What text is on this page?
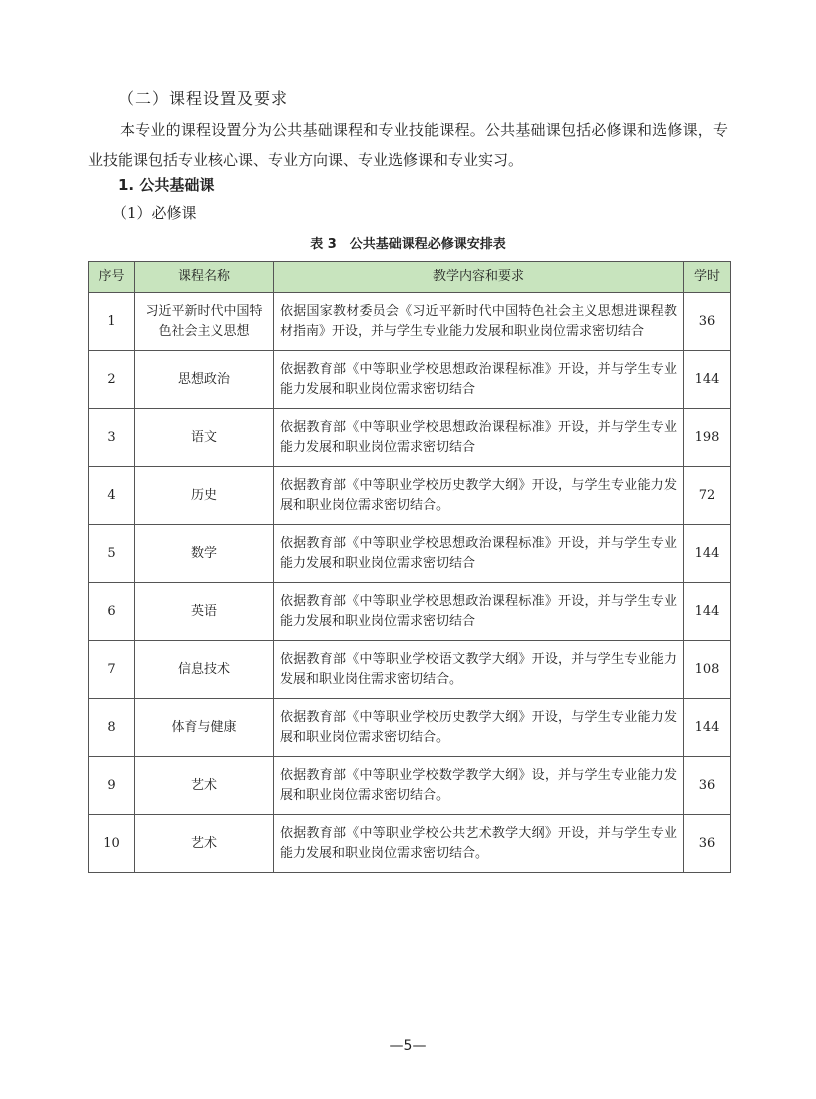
（二）课程设置及要求
本专业的课程设置分为公共基础课程和专业技能课程。公共基础课包括必修课和选修课，专业技能课包括专业核心课、专业方向课、专业选修课和专业实习。
1. 公共基础课
（1）必修课
表 3　公共基础课程必修课安排表
序号	课程名称	教学内容和要求	学时
1	习近平新时代中国特色社会主义思想	依据国家教材委员会《习近平新时代中国特色社会主义思想进课程教材指南》开设，并与学生专业能力发展和职业岗位需求密切结合	36
2	思想政治	依据教育部《中等职业学校思想政治课程标准》开设，并与学生专业能力发展和职业岗位需求密切结合	144
3	语文	依据教育部《中等职业学校思想政治课程标准》开设，并与学生专业能力发展和职业岗位需求密切结合	198
4	历史	依据教育部《中等职业学校历史教学大纲》开设，与学生专业能力发展和职业岗位需求密切结合。	72
5	数学	依据教育部《中等职业学校思想政治课程标准》开设，并与学生专业能力发展和职业岗位需求密切结合	144
6	英语	依据教育部《中等职业学校思想政治课程标准》开设，并与学生专业能力发展和职业岗位需求密切结合	144
7	信息技术	依据教育部《中等职业学校语文教学大纲》开设，并与学生专业能力发展和职业岗住需求密切结合。	108
8	体育与健康	依据教育部《中等职业学校历史教学大纲》开设，与学生专业能力发展和职业岗位需求密切结合。	144
9	艺术	依据教育部《中等职业学校数学教学大纲》设，并与学生专业能力发展和职业岗位需求密切结合。	36
10	艺术	依据教育部《中等职业学校公共艺术教学大纲》开设，并与学生专业能力发展和职业岗位需求密切结合。	36
—5—
